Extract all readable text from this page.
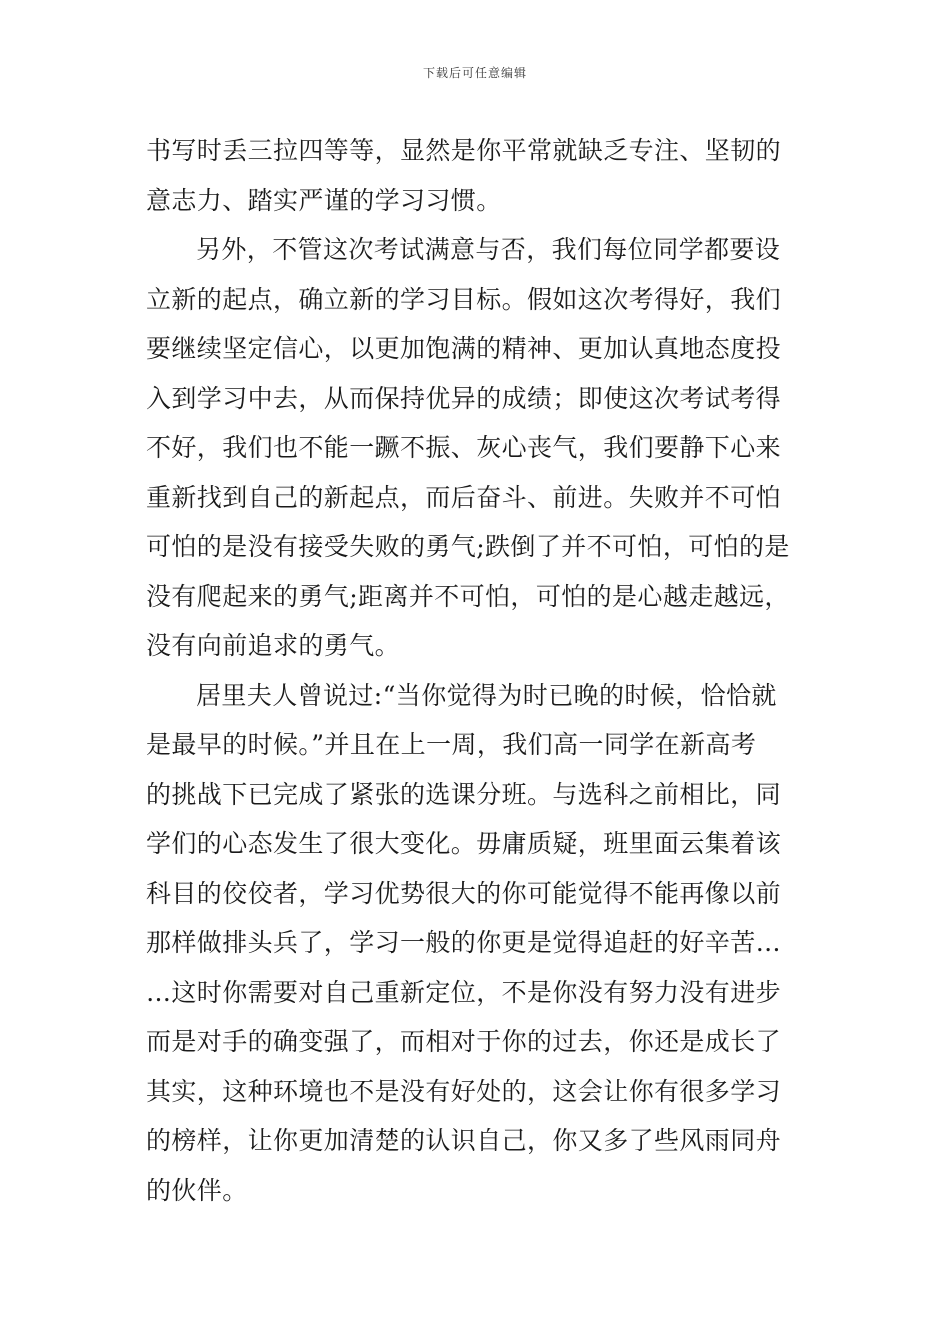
下载后可任意编辑
书写时丢三拉四等等，显然是你平常就缺乏专注、坚韧的
意志力、踏实严谨的学习习惯。
另外，不管这次考试满意与否，我们每位同学都要设
立新的起点，确立新的学习目标。假如这次考得好，我们
要继续坚定信心，以更加饱满的精神、更加认真地态度投
入到学习中去，从而保持优异的成绩；即使这次考试考得
不好，我们也不能一蹶不振、灰心丧气，我们要静下心来
重新找到自己的新起点，而后奋斗、前进。失败并不可怕
可怕的是没有接受失败的勇气;跌倒了并不可怕，可怕的是
没有爬起来的勇气;距离并不可怕，可怕的是心越走越远，
没有向前追求的勇气。
居里夫人曾说过:“当你觉得为时已晚的时候，恰恰就
是最早的时候。”并且在上一周，我们高一同学在新高考
的挑战下已完成了紧张的选课分班。与选科之前相比，同
学们的心态发生了很大变化。毋庸质疑，班里面云集着该
科目的佼佼者，学习优势很大的你可能觉得不能再像以前
那样做排头兵了，学习一般的你更是觉得追赶的好辛苦…
…这时你需要对自己重新定位，不是你没有努力没有进步
而是对手的确变强了，而相对于你的过去，你还是成长了
其实，这种环境也不是没有好处的，这会让你有很多学习
的榜样，让你更加清楚的认识自己，你又多了些风雨同舟
的伙伴。
